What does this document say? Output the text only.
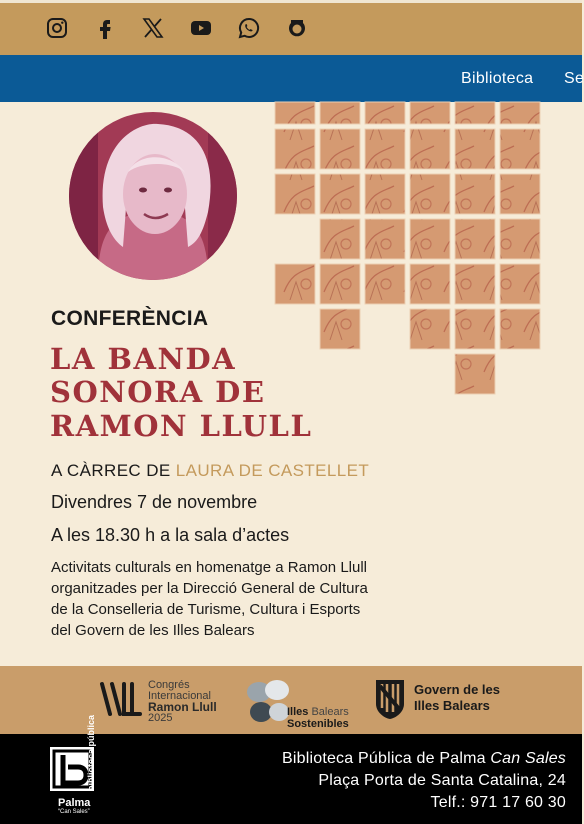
Biblioteca Se
CONFERÈNCIA
LA BANDA
SONORA DE
RAMON LLULL
A CÀRREC DE LAURA DE CASTELLET
Divendres 7 de novembre
A les 18.30 h a la sala d’actes
Activitats culturals en homenatge a Ramon Llull
organitzades per la Direcció General de Cultura
de la Conselleria de Turisme, Cultura i Esports
del Govern de les Illes Balears
Congrés
Internacional
Ramon Llull
2025	Illes Balears
Sostenibles
Govern de les
Illes Balears
biblioteca pública
Palma
“Can Sales”
Biblioteca Pública de Palma Can Sales
Plaça Porta de Santa Catalina, 24
Telf.: 971 17 60 30
